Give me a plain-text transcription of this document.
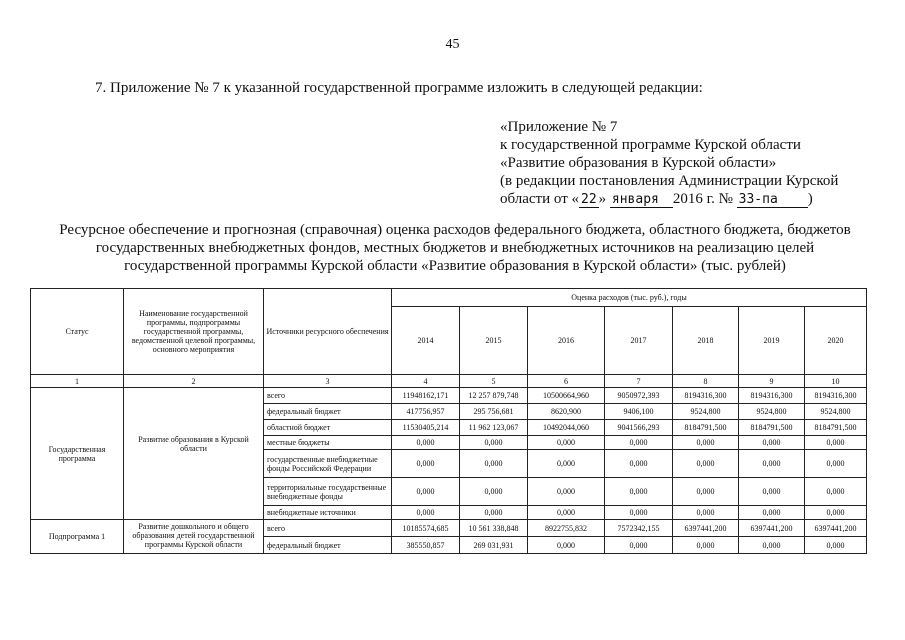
45
7. Приложение № 7 к указанной государственной программе изложить в следующей редакции:
«Приложение № 7
к государственной программе Курской области
«Развитие образования в Курской области»
(в редакции постановления Администрации Курской
области от « 22 » января 2016 г. № 33-па )
Ресурсное обеспечение и прогнозная (справочная) оценка расходов федерального бюджета, областного бюджета, бюджетов
государственных внебюджетных фондов, местных бюджетов и внебюджетных источников на реализацию целей
государственной программы Курской области «Развитие образования в Курской области» (тыс. рублей)
Статус	Наименование государственной программы, подпрограммы государственной программы, ведомственной целевой программы, основного мероприятия	Источники ресурсного обеспечения	Оценка расходов (тыс. руб.), годы						
			2014	2015	2016	2017	2018	2019	2020
1	2	3	4	5	6	7	8	9	10
Государственная программа	Развитие образования в Курской области	всего	11948162,171	12 257 879,748	10500664,960	9050972,393	8194316,300	8194316,300	8194316,300
		федеральный бюджет	417756,957	295 756,681	8620,900	9406,100	9524,800	9524,800	9524,800
		областной бюджет	11530405,214	11 962 123,067	10492044,060	9041566,293	8184791,500	8184791,500	8184791,500
		местные бюджеты	0,000	0,000	0,000	0,000	0,000	0,000	0,000
		государственные внебюджетные фонды Российской Федерации	0,000	0,000	0,000	0,000	0,000	0,000	0,000
		территориальные государственные внебюджетные фонды	0,000	0,000	0,000	0,000	0,000	0,000	0,000
		внебюджетные источники	0,000	0,000	0,000	0,000	0,000	0,000	0,000
Подпрограмма 1	Развитие дошкольного и общего образования детей государственной программы Курской области	всего	10185574,685	10 561 338,848	8922755,832	7572342,155	6397441,200	6397441,200	6397441,200
		федеральный бюджет	385550,857	269 031,931	0,000	0,000	0,000	0,000	0,000
